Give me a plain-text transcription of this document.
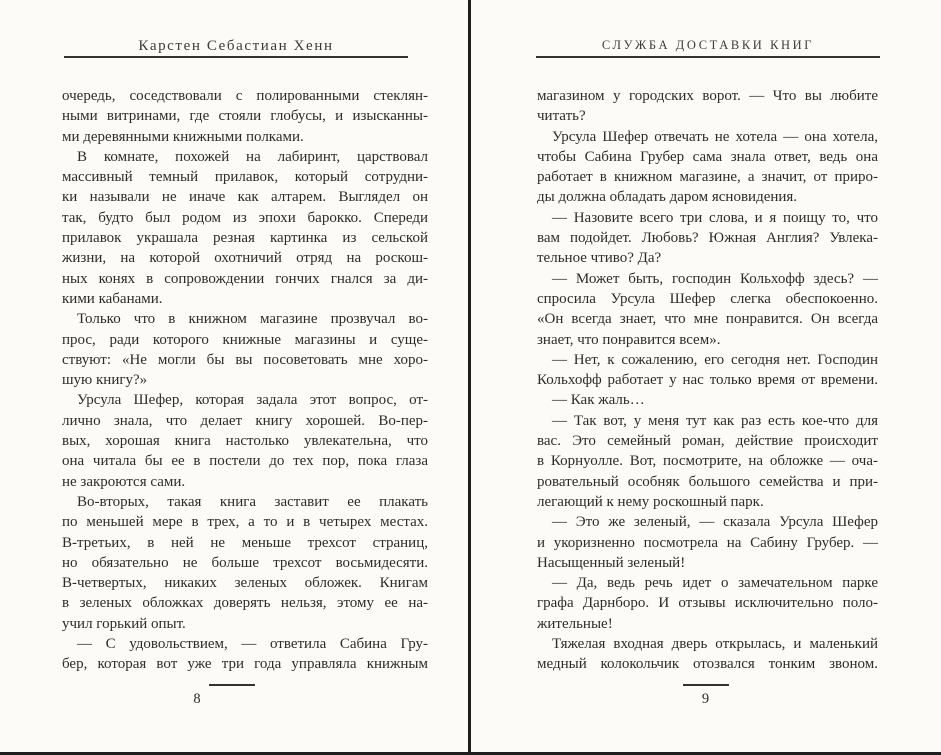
Карстен Себастиан Хенн
очередь, соседствовали с полированными стеклян-
ными витринами, где стояли глобусы, и изысканны-
ми деревянными книжными полками.
В комнате, похожей на лабиринт, царствовал
массивный темный прилавок, который сотрудни-
ки называли не иначе как алтарем. Выглядел он
так, будто был родом из эпохи барокко. Спереди
прилавок украшала резная картинка из сельской
жизни, на которой охотничий отряд на роскош-
ных конях в сопровождении гончих гнался за ди-
кими кабанами.
Только что в книжном магазине прозвучал во-
прос, ради которого книжные магазины и суще-
ствуют: «Не могли бы вы посоветовать мне хоро-
шую книгу?»
Урсула Шефер, которая задала этот вопрос, от-
лично знала, что делает книгу хорошей. Во-пер-
вых, хорошая книга настолько увлекательна, что
она читала бы ее в постели до тех пор, пока глаза
не закроются сами.
Во-вторых, такая книга заставит ее плакать
по меньшей мере в трех, а то и в четырех местах.
В-третьих, в ней не меньше трехсот страниц,
но обязательно не больше трехсот восьмидесяти.
В-четвертых, никаких зеленых обложек. Книгам
в зеленых обложках доверять нельзя, этому ее на-
учил горький опыт.
— С удовольствием, — ответила Сабина Гру-
бер, которая вот уже три года управляла книжным
8
СЛУЖБА ДОСТАВКИ КНИГ
магазином у городских ворот. — Что вы любите
читать?
Урсула Шефер отвечать не хотела — она хотела,
чтобы Сабина Грубер сама знала ответ, ведь она
работает в книжном магазине, а значит, от приро-
ды должна обладать даром ясновидения.
— Назовите всего три слова, и я поищу то, что
вам подойдет. Любовь? Южная Англия? Увлека-
тельное чтиво? Да?
— Может быть, господин Кольхофф здесь? —
спросила Урсула Шефер слегка обеспокоенно.
«Он всегда знает, что мне понравится. Он всегда
знает, что понравится всем».
— Нет, к сожалению, его сегодня нет. Господин
Кольхофф работает у нас только время от времени.
— Как жаль…
— Так вот, у меня тут как раз есть кое-что для
вас. Это семейный роман, действие происходит
в Корнуолле. Вот, посмотрите, на обложке — оча-
ровательный особняк большого семейства и при-
легающий к нему роскошный парк.
— Это же зеленый, — сказала Урсула Шефер
и укоризненно посмотрела на Сабину Грубер. —
Насыщенный зеленый!
— Да, ведь речь идет о замечательном парке
графа Дарнборо. И отзывы исключительно поло-
жительные!
Тяжелая входная дверь открылась, и маленький
медный колокольчик отозвался тонким звоном.
9
